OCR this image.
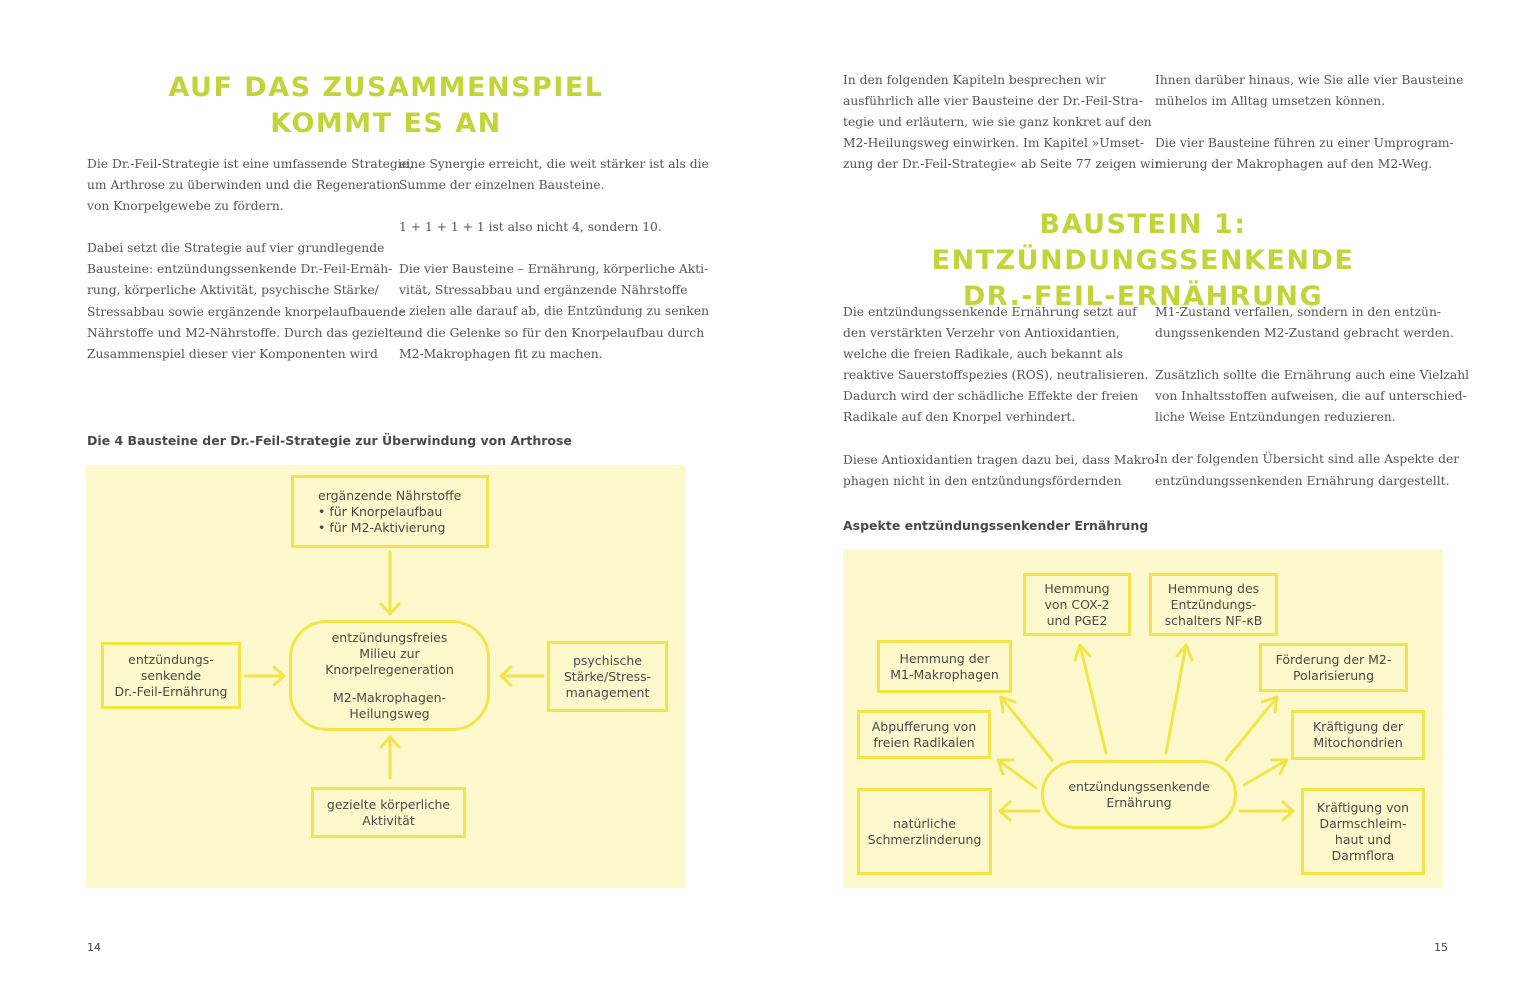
AUF DAS ZUSAMMENSPIEL
KOMMT ES AN

Die Dr.-Feil-Strategie ist eine umfassende Strategie,
um Arthrose zu überwinden und die Regeneration
von Knorpelgewebe zu fördern.

Dabei setzt die Strategie auf vier grundlegende
Bausteine: entzündungssenkende Dr.-Feil-Ernäh-
rung, körperliche Aktivität, psychische Stärke/
Stressabbau sowie ergänzende knorpelaufbauende
Nährstoffe und M2-Nährstoffe. Durch das gezielte
Zusammenspiel dieser vier Komponenten wird

eine Synergie erreicht, die weit stärker ist als die
Summe der einzelnen Bausteine.

1 + 1 + 1 + 1 ist also nicht 4, sondern 10.

Die vier Bausteine – Ernährung, körperliche Akti-
vität, Stressabbau und ergänzende Nährstoffe
– zielen alle darauf ab, die Entzündung zu senken
und die Gelenke so für den Knorpelaufbau durch
M2-Makrophagen fit zu machen.

Die 4 Bausteine der Dr.-Feil-Strategie zur Überwindung von Arthrose
ergänzende Nährstoffe
• für Knorpelaufbau
• für M2-Aktivierung
entzündungsfreies
Milieu zur
Knorpelregeneration
M2-Makrophagen-
Heilungsweg
entzündungs-
senkende
Dr.-Feil-Ernährung
psychische
Stärke/Stress-
management
gezielte körperliche
Aktivität
14

In den folgenden Kapiteln besprechen wir
ausführlich alle vier Bausteine der Dr.-Feil-Stra-
tegie und erläutern, wie sie ganz konkret auf den
M2-Heilungsweg einwirken. Im Kapitel »Umset-
zung der Dr.-Feil-Strategie« ab Seite 77 zeigen wir

Ihnen darüber hinaus, wie Sie alle vier Bausteine
mühelos im Alltag umsetzen können.

Die vier Bausteine führen zu einer Umprogram-
mierung der Makrophagen auf den M2-Weg.

BAUSTEIN 1: ENTZÜNDUNGSSENKENDE
DR.-FEIL-ERNÄHRUNG

Die entzündungssenkende Ernährung setzt auf
den verstärkten Verzehr von Antioxidantien,
welche die freien Radikale, auch bekannt als
reaktive Sauerstoffspezies (ROS), neutralisieren.
Dadurch wird der schädliche Effekte der freien
Radikale auf den Knorpel verhindert.

Diese Antioxidantien tragen dazu bei, dass Makro-
phagen nicht in den entzündungsfördernden

M1-Zustand verfallen, sondern in den entzün-
dungssenkenden M2-Zustand gebracht werden.

Zusätzlich sollte die Ernährung auch eine Vielzahl
von Inhaltsstoffen aufweisen, die auf unterschied-
liche Weise Entzündungen reduzieren.

In der folgenden Übersicht sind alle Aspekte der
entzündungssenkenden Ernährung dargestellt.

Aspekte entzündungssenkender Ernährung
Hemmung
von COX-2
und PGE2
Hemmung des
Entzündungs-
schalters NF-κB
Hemmung der
M1-Makrophagen
Förderung der M2-
Polarisierung
Abpufferung von
freien Radikalen
Kräftigung der
Mitochondrien
entzündungssenkende
Ernährung
natürliche
Schmerzlinderung
Kräftigung von
Darmschleim-
haut und
Darmflora
15
